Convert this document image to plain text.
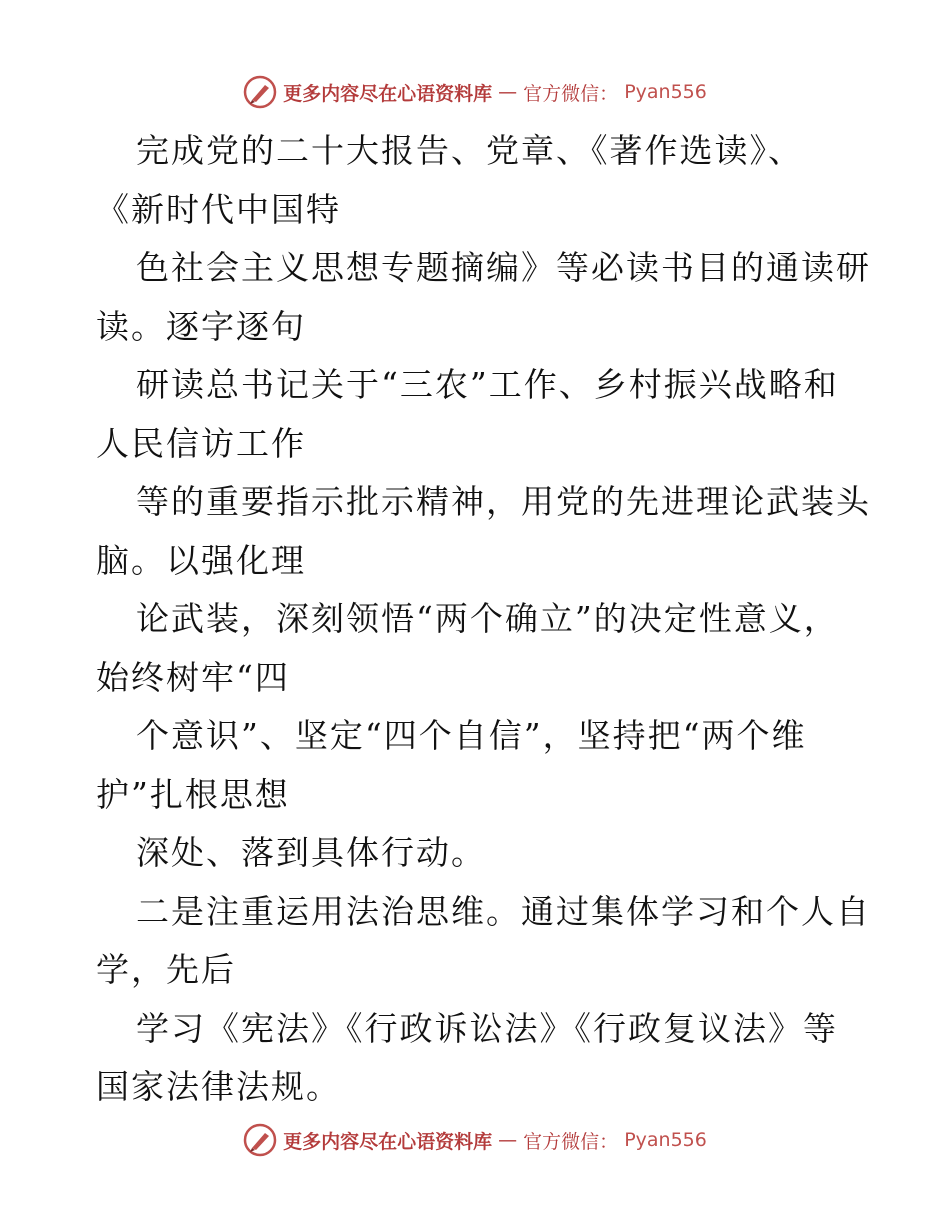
更多内容尽在心语资料库 — 官方微信： Pyan556
完成党的二十大报告、党章、《著作选读》、
《新时代中国特
色社会主义思想专题摘编》等必读书目的通读研
读。逐字逐句
研读总书记关于“三农”工作、乡村振兴战略和
人民信访工作
等的重要指示批示精神，用党的先进理论武装头
脑。以强化理
论武装，深刻领悟“两个确立”的决定性意义，
始终树牢“四
个意识”、坚定“四个自信”，坚持把“两个维
护”扎根思想
深处、落到具体行动。
二是注重运用法治思维。通过集体学习和个人自
学，先后
学习《宪法》《行政诉讼法》《行政复议法》等
国家法律法规。
更多内容尽在心语资料库 — 官方微信： Pyan556
